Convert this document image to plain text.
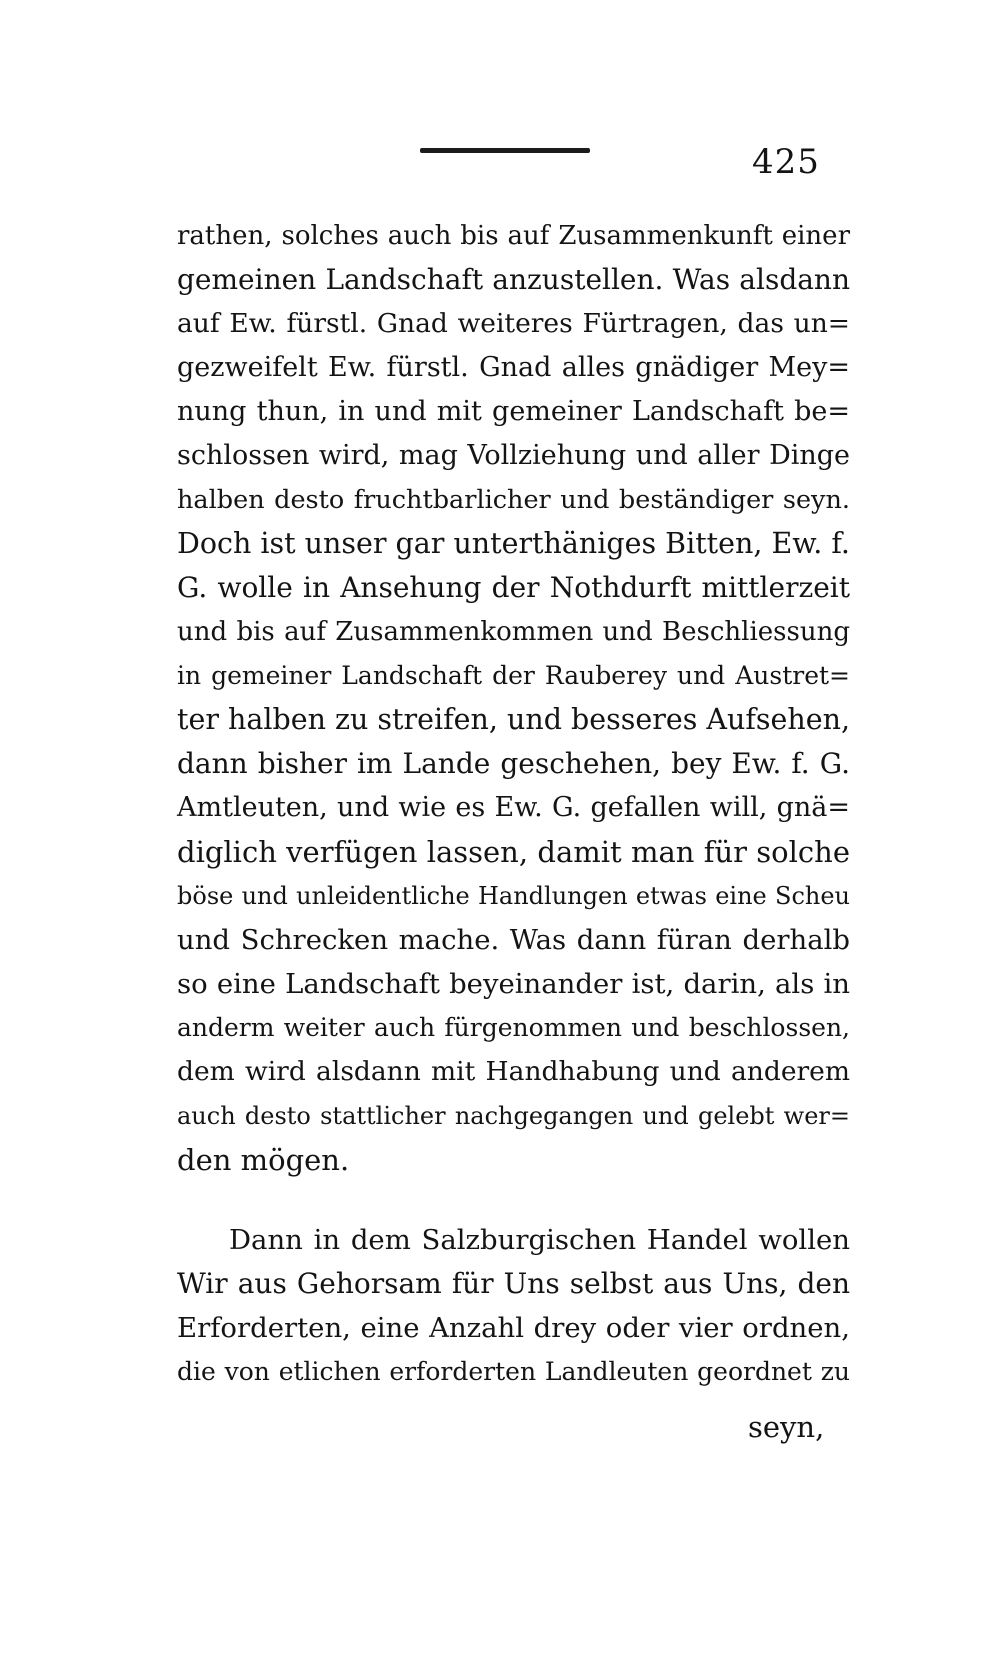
425
rathen, solches auch bis auf Zusammenkunft einer
gemeinen Landschaft anzustellen. Was alsdann
auf Ew. fürstl. Gnad weiteres Fürtragen, das un=
gezweifelt Ew. fürstl. Gnad alles gnädiger Mey=
nung thun, in und mit gemeiner Landschaft be=
schlossen wird, mag Vollziehung und aller Dinge
halben desto fruchtbarlicher und beständiger seyn.
Doch ist unser gar unterthäniges Bitten, Ew. f.
G. wolle in Ansehung der Nothdurft mittlerzeit
und bis auf Zusammenkommen und Beschliessung
in gemeiner Landschaft der Rauberey und Austret=
ter halben zu streifen, und besseres Aufsehen,
dann bisher im Lande geschehen, bey Ew. f. G.
Amtleuten, und wie es Ew. G. gefallen will, gnä=
diglich verfügen lassen, damit man für solche
böse und unleidentliche Handlungen etwas eine Scheu
und Schrecken mache. Was dann füran derhalb
so eine Landschaft beyeinander ist, darin, als in
anderm weiter auch fürgenommen und beschlossen,
dem wird alsdann mit Handhabung und anderem
auch desto stattlicher nachgegangen und gelebt wer=
den mögen.
Dann in dem Salzburgischen Handel wollen
Wir aus Gehorsam für Uns selbst aus Uns, den
Erforderten, eine Anzahl drey oder vier ordnen,
die von etlichen erforderten Landleuten geordnet zu
seyn,
